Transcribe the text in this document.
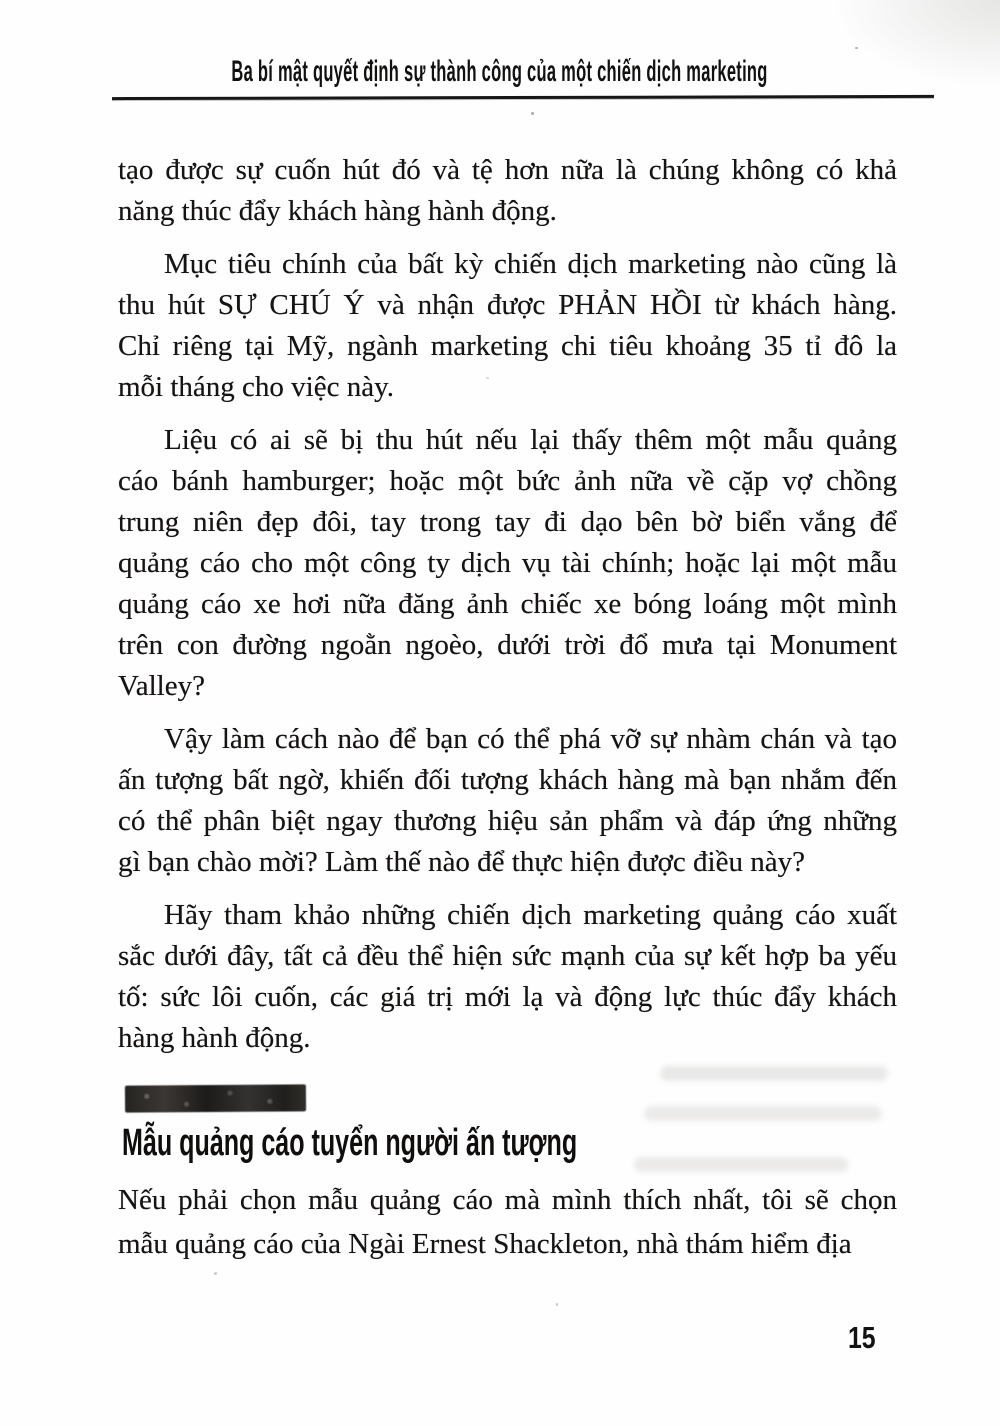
Ba bí mật quyết định sự thành công của một chiến dịch marketing
tạo được sự cuốn hút đó và tệ hơn nữa là chúng không có khả
năng thúc đẩy khách hàng hành động.
Mục tiêu chính của bất kỳ chiến dịch marketing nào cũng là
thu hút SỰ CHÚ Ý và nhận được PHẢN HỒI từ khách hàng.
Chỉ riêng tại Mỹ, ngành marketing chi tiêu khoảng 35 tỉ đô la
mỗi tháng cho việc này.
Liệu có ai sẽ bị thu hút nếu lại thấy thêm một mẫu quảng
cáo bánh hamburger; hoặc một bức ảnh nữa về cặp vợ chồng
trung niên đẹp đôi, tay trong tay đi dạo bên bờ biển vắng để
quảng cáo cho một công ty dịch vụ tài chính; hoặc lại một mẫu
quảng cáo xe hơi nữa đăng ảnh chiếc xe bóng loáng một mình
trên con đường ngoằn ngoèo, dưới trời đổ mưa tại Monument
Valley?
Vậy làm cách nào để bạn có thể phá vỡ sự nhàm chán và tạo
ấn tượng bất ngờ, khiến đối tượng khách hàng mà bạn nhắm đến
có thể phân biệt ngay thương hiệu sản phẩm và đáp ứng những
gì bạn chào mời? Làm thế nào để thực hiện được điều này?
Hãy tham khảo những chiến dịch marketing quảng cáo xuất
sắc dưới đây, tất cả đều thể hiện sức mạnh của sự kết hợp ba yếu
tố: sức lôi cuốn, các giá trị mới lạ và động lực thúc đẩy khách
hàng hành động.
Mẫu quảng cáo tuyển người ấn tượng
Nếu phải chọn mẫu quảng cáo mà mình thích nhất, tôi sẽ chọn
mẫu quảng cáo của Ngài Ernest Shackleton, nhà thám hiểm địa
15
